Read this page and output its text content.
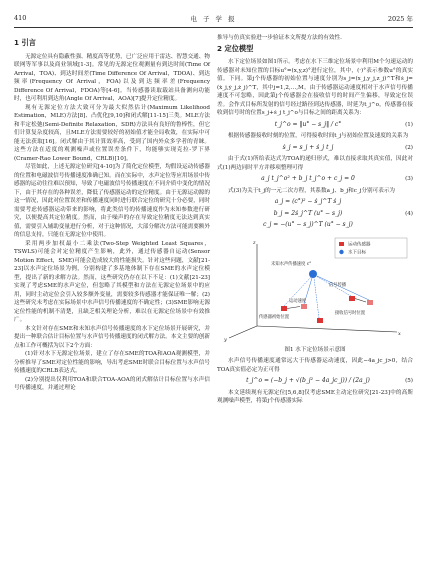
410	电 子 学 报	2025 年
1 引言

无源定位具有隐蔽性强、精度高等优势，已广泛应用于雷达、智慧交通、物联网等军事以及商业领域[1-3]。常见的无源定位观测量有到达时间(Time Of Arrival，TOA)、到达时间差(Time Difference Of Arrival，TDOA)、到达频率(Frequency Of Arrival，FOA)以及到达频率差(Frequency Difference Of Arrival，FDOA)等[4-6]。当传感器读取载站具备测向功能时，也可利用到达角(Angle Of Arrival，AOA)[7]提升定位精度。

现有无源定位方法大致可分为最大似然估计(Maximum Likelihood Estimation，MLE)方法[8]、凸优化[9,10]和闭式解[11-15]三类。MLE方法和半定松弛(Semi-Definite Relaxation，SDR)方法具有良好的鲁棒性，但它们计算复杂度较高，且MLE方法需要较好的初始值才能全局收敛，在实际中可能无法获取[16]。闭式解由于其计算效率高，受到了国内外众多学者的青睐。这些方法在适度的观测噪声或位置误差条件下，均能够实现克拉-罗下界(Cramer-Rao Lower Bound，CRLB)[10]。

尽管如此，上述无源定位研究[4-10]为了简化定位模型，均假设运动传感器的位置和电磁波信号传播速度准确已知。而在实际中，水声定位等应用场景中传感器的运动往往难以预知，导致了电磁波信号传播速度在不同介质中变化的情况下，由于其存在的各种误差，降低了传感器运动的定位精度。由于无源运动源的这一情况，因此对位置误差和传播速度同时进行联合定位的研究十分必要，同时需要考虑传感器运动带来的影响，将此类信号的传播速度作为未知参数进行研究，以便提高其定位精度。然而，由于噪声的存在导致定位精度无法达到真实值，需要引入辅助变量进行分析，对于这种情况，大部分解决方法可能需要额外的信息支持，只能在无源定位中使用。

采用两步加权最小二乘法(Two-Step Weighted Least Squares，TSWLS)可能会对定位精度产生影响，此外，通过传感器自运动(Sensor Motion Effect，SME)可能会造成较大的性能损失。针对这些问题，文献[21-23]以水声定位场景为例，分别构建了多基地体制下存在SME的水声定位模型，提出了新的求解方法。然而，这些研究仍存在以下不足：(1)文献[21-23]实现了考虑SME的水声定位，但忽略了其模型和方法在无源定位场景中的应用，同时主动定位会引入较多额外变量，需要较多传感器才能保证唯一解；(2)这些研究未考虑在实际场景中水声信号传播速度的不确定性；(3)SME影响无源定位性能的机制不清楚，且缺乏相关理论分析，难以在无源定位场景中有效推广。

本文针对存在SME和未知水声信号传播速度的水下定位场景开展研究，并提出一种联合估计目标位置与水声信号传播速度的闭式解方法。本文主要的创新点和工作可概括为以下2个方面：

(1)针对水下无源定位场景，建立了存在SME的TOA和AOA观测模型，并分析推导了SME对定位性能的影响，导出考虑SME时联合目标位置与水声信号传播速度的CRLB表达式。

(2)分别提出仅利用TOA和联合TOA-AOA的闭式解估计目标位置与水声信号传播速度，并通过理论

推导与仿真实验进一步验证本文所提方法的有效性.

2 定位模型

水下定位场景如图1所示。考虑在水下三维定位场景中利用M个匀速运动的传感器对未知位置的目标u°=(x,y,z)°进行定位，其中，(·)°表示参数u°的真实值。下同。第j个传感器的初始位置与速度分别为s_j=(x_j,y_j,z_j)^T和ṡ_j=(ẋ_j,ẏ_j,ż_j)^T，其中j=1,2,…,M。由于传感器运动速度相对于水声信号传播速度不可忽略，因此第j个传感器会在接收信号的时间产生偏移，导致定位误差。会作式目标所发射的信号经过路径到达传感器，时延为t_j^o，传感器在接收到信号时的位置s_j+ṡ_j t_j^o与目标之间的距离关系为：

t_j^o = ‖u° − s_j‖ / c°	(1)

根据传感器接收时刻的位置，可得接收时间t_j与初始位置及速度的关系为

ṡ_j = s_j + ṡ_j t_j	(2)

由于式(1)所给表达式为TOA的递归形式，难以直接求取其真实值，因此对式(1)两边同时平方并移项整理可得

a_j t_j^o² + b_j t_j^o + c_j = 0	(3)

式(3)为关于t_j的一元二次方程，其系数a_j、b_j和c_j分别可表示为

a_j = (c°)² − ṡ_j^T ṡ_j
b_j = 2ṡ_j^T (u° − s_j)	(4)
c_j = −(u° − s_j)^T (u° − s_j)
运动传感器
水下目标
z
x
y
未知水声传播速度 c°
传感器初始位置
接收信号时位置
运动速度
信号传播
图1 水下定位场景示意图

水声信号传播速度通常远大于传感器运动速度，因此−4a_jc_j>0，结合TOA真实值必定为正可得

t_j^o = (−b_j + √(b_j² − 4a_jc_j)) / (2a_j)	(5)

本文延续现有无源定位[5,6,8]仅考虑SME主动定位研究[21-23]中的高斯观测噪声模型，将第j个传感器实际
